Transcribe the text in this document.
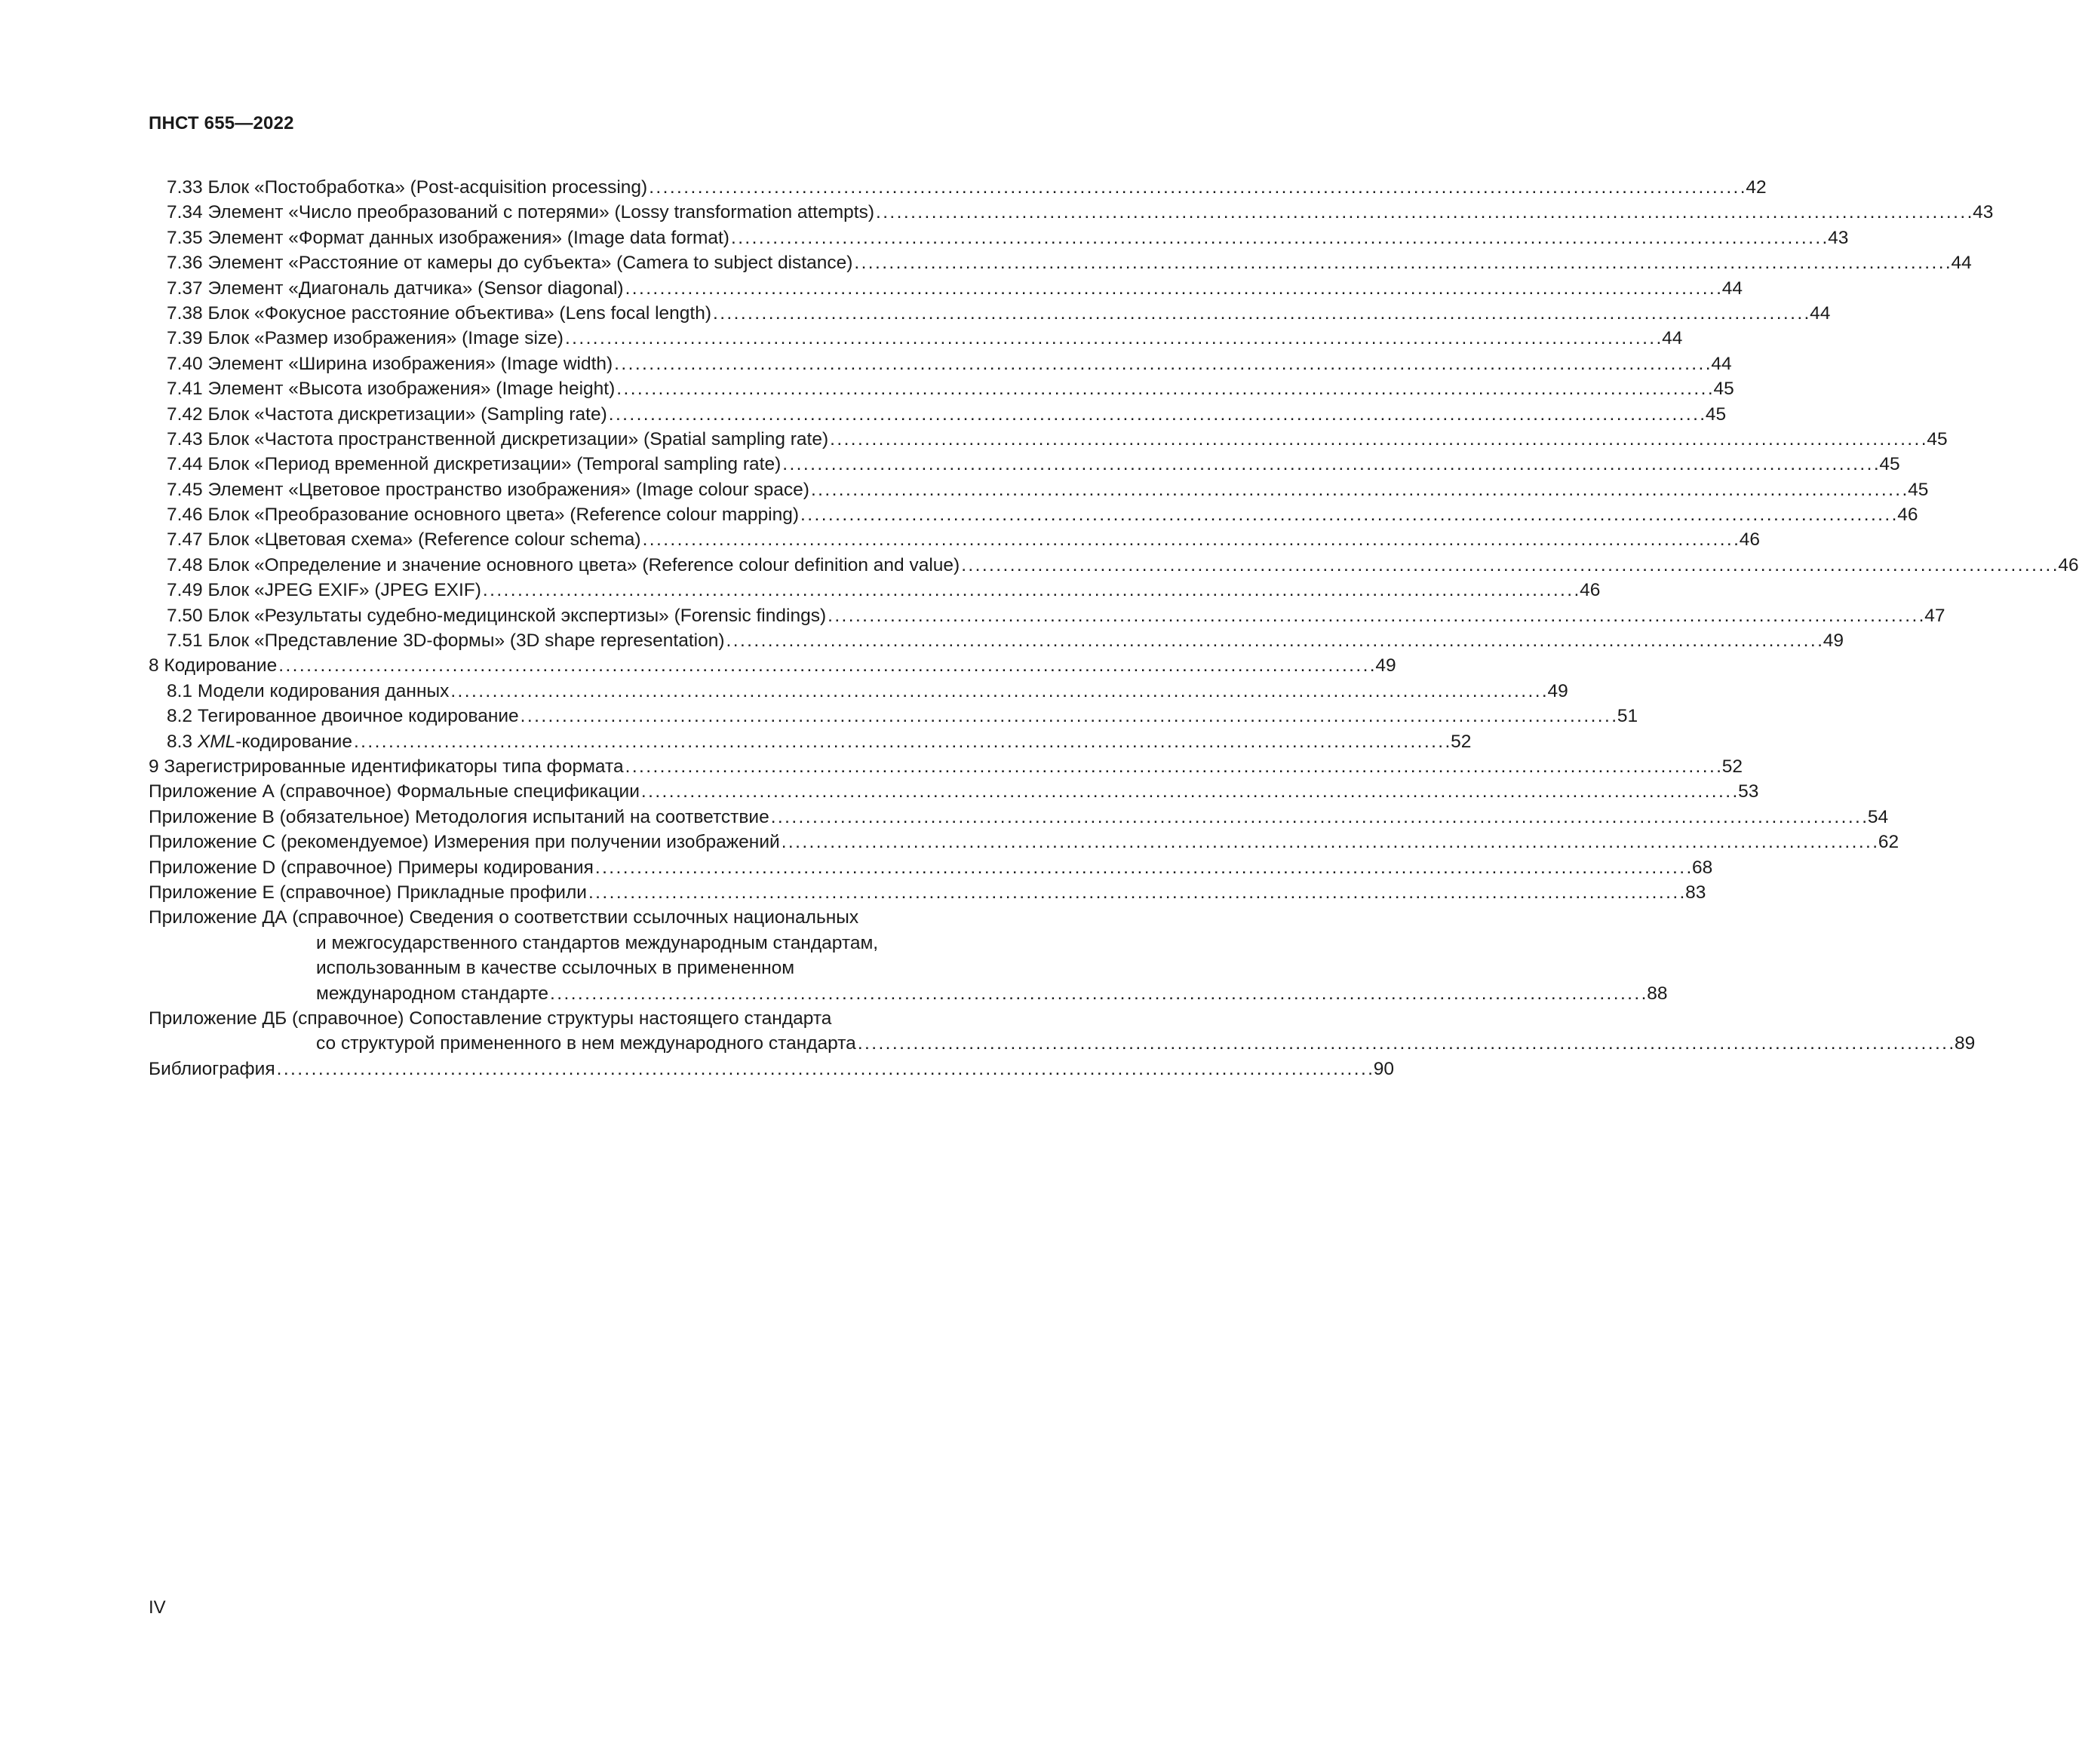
ПНСТ 655—2022
7.33 Блок «Постобработка» (Post-acquisition processing) . . .	42
7.34 Элемент «Число преобразований с потерями» (Lossy transformation attempts) . . .	43
7.35 Элемент «Формат данных изображения» (Image data format) . . .	43
7.36 Элемент «Расстояние от камеры до субъекта» (Camera to subject distance) . . .	44
7.37 Элемент «Диагональ датчика» (Sensor diagonal) . . .	44
7.38 Блок «Фокусное расстояние объектива» (Lens focal length) . . .	44
7.39 Блок «Размер изображения» (Image size) . . .	44
7.40 Элемент «Ширина изображения» (Image width) . . .	44
7.41 Элемент «Высота изображения» (Image height) . . .	45
7.42 Блок «Частота дискретизации» (Sampling rate) . . .	45
7.43 Блок «Частота пространственной дискретизации» (Spatial sampling rate) . . .	45
7.44 Блок «Период временной дискретизации» (Temporal sampling rate) . . .	45
7.45 Элемент «Цветовое пространство изображения» (Image colour space) . . .	45
7.46 Блок «Преобразование основного цвета» (Reference colour mapping) . . .	46
7.47 Блок «Цветовая схема» (Reference colour schema) . . .	46
7.48 Блок «Определение и значение основного цвета» (Reference colour definition and value) . . .	46
7.49 Блок «JPEG EXIF» (JPEG EXIF) . . .	46
7.50 Блок «Результаты судебно-медицинской экспертизы» (Forensic findings) . . .	47
7.51 Блок «Представление 3D-формы» (3D shape representation) . . .	49
8 Кодирование . . .	49
8.1 Модели кодирования данных . . .	49
8.2 Тегированное двоичное кодирование . . .	51
8.3 XML-кодирование . . .	52
9 Зарегистрированные идентификаторы типа формата . . .	52
Приложение А (справочное) Формальные спецификации . . .	53
Приложение В (обязательное) Методология испытаний на соответствие . . .	54
Приложение С (рекомендуемое) Измерения при получении изображений . . .	62
Приложение D (справочное) Примеры кодирования . . .	68
Приложение Е (справочное) Прикладные профили . . .	83
Приложение ДА (справочное) Сведения о соответствии ссылочных национальных
и межгосударственного стандартов международным стандартам,
использованным в качестве ссылочных в примененном
международном стандарте . . .	88
Приложение ДБ (справочное) Сопоставление структуры настоящего стандарта
со структурой примененного в нем международного стандарта . . .	89
Библиография . . .	90
IV
